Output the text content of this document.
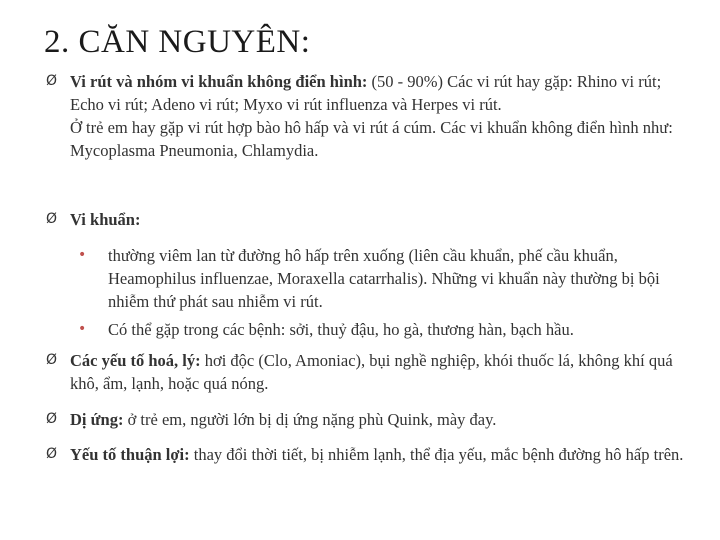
2. CĂN NGUYÊN:
Ø Vi rút và nhóm vi khuẩn không điển hình: (50 - 90%) Các vi rút hay gặp: Rhino vi rút; Echo vi rút; Adeno vi rút; Myxo vi rút influenza và Herpes vi rút.
Ở trẻ em hay gặp vi rút hợp bào hô hấp và vi rút á cúm. Các vi khuẩn không điển hình như: Mycoplasma Pneumonia, Chlamydia.
Ø Vi khuẩn:
• thường viêm lan từ đường hô hấp trên xuống (liên cầu khuẩn, phế cầu khuẩn, Heamophilus influenzae, Moraxella catarrhalis). Những vi khuẩn này thường bị bội nhiễm thứ phát sau nhiễm vi rút.
• Có thể gặp trong các bệnh: sởi, thuỷ đậu, ho gà, thương hàn, bạch hầu.
Ø Các yếu tố hoá, lý: hơi độc (Clo, Amoniac), bụi nghề nghiệp, khói thuốc lá, không khí quá khô, ẩm, lạnh, hoặc quá nóng.
Ø Dị ứng: ở trẻ em, người lớn bị dị ứng nặng phù Quink, mày đay.
Ø Yếu tố thuận lợi: thay đổi thời tiết, bị nhiễm lạnh, thể địa yếu, mắc bệnh đường hô hấp trên.
